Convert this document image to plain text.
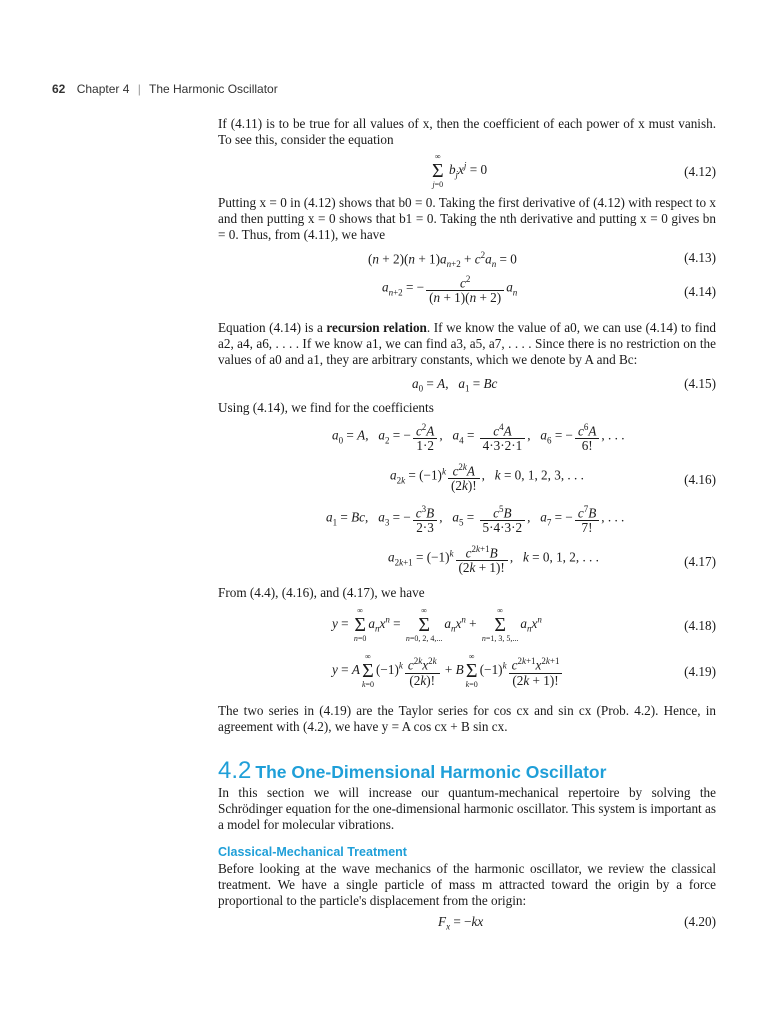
62 Chapter 4 | The Harmonic Oscillator

If (4.11) is to be true for all values of x, then the coefficient of each power of x must vanish. To see this, consider the equation

∞
Σ
j=0
$b_jx^j = 0$	(4.12)

Putting x = 0 in (4.12) shows that b0 = 0. Taking the first derivative of (4.12) with respect to x and then putting x = 0 shows that b1 = 0. Taking the nth derivative and putting x = 0 gives bn = 0. Thus, from (4.11), we have

$(n + 2)(n + 1)a_{n+2} + c^2a_n = 0$	(4.13)
$a_{n+2}$ = − $\frac{c^2}{(n + 1)(n + 2)} a_n$	(4.14)

Equation (4.14) is a recursion relation. If we know the value of a0, we can use (4.14) to find a2, a4, a6, . . . . If we know a1, we can find a3, a5, a7, . . . . Since there is no restriction on the values of a0 and a1, they are arbitrary constants, which we denote by A and Bc:

$a_0 = A$,   $a_1 = Bc$	(4.15)

Using (4.14), we find for the coefficients

$a_0 = A$,   $a_2$ = − $\frac{c^2A}{1\cdot 2}$ ,   $a_4 = \frac{c^4A}{4\cdot 3\cdot 2\cdot 1}$ ,   $a_6$ = − $\frac{c^6A}{6!}$ , . . .
$a_{2k} = (-1)^k \frac{c^{2k}A}{(2k)!}$ ,   k = 0, 1, 2, 3, . . .	(4.16)
$a_1 = Bc$,   $a_3$ = − $\frac{c^3B}{2\cdot 3}$ ,   $a_5 = \frac{c^5B}{5\cdot 4\cdot 3\cdot 2}$ ,   $a_7$ = − $\frac{c^7B}{7!}$ , . . .
$a_{2k+1} = (-1)^k \frac{c^{2k+1}B}{(2k + 1)!}$ ,   k = 0, 1, 2, . . .	(4.17)

From (4.4), (4.16), and (4.17), we have

y =
∞
Σ
n=0
$a_nx^n$ =
∞
Σ
n=0, 2, 4,...
$a_nx^n$ +
∞
Σ
n=1, 3, 5,...
$a_nx^n$	(4.18)
y = A
∞
Σ
k=0
$(-1)^k \frac{c^{2k}x^{2k}}{(2k)!} + B$
∞
Σ
k=0
$(-1)^k \frac{c^{2k+1}x^{2k+1}}{(2k + 1)!}$	(4.19)

The two series in (4.19) are the Taylor series for cos cx and sin cx (Prob. 4.2). Hence, in agreement with (4.2), we have y = A cos cx + B sin cx.

4.2 The One-Dimensional Harmonic Oscillator

In this section we will increase our quantum-mechanical repertoire by solving the Schrödinger equation for the one-dimensional harmonic oscillator. This system is important as a model for molecular vibrations.

Classical-Mechanical Treatment

Before looking at the wave mechanics of the harmonic oscillator, we review the classical treatment. We have a single particle of mass m attracted toward the origin by a force proportional to the particle's displacement from the origin:

$F_x = -kx$	(4.20)
